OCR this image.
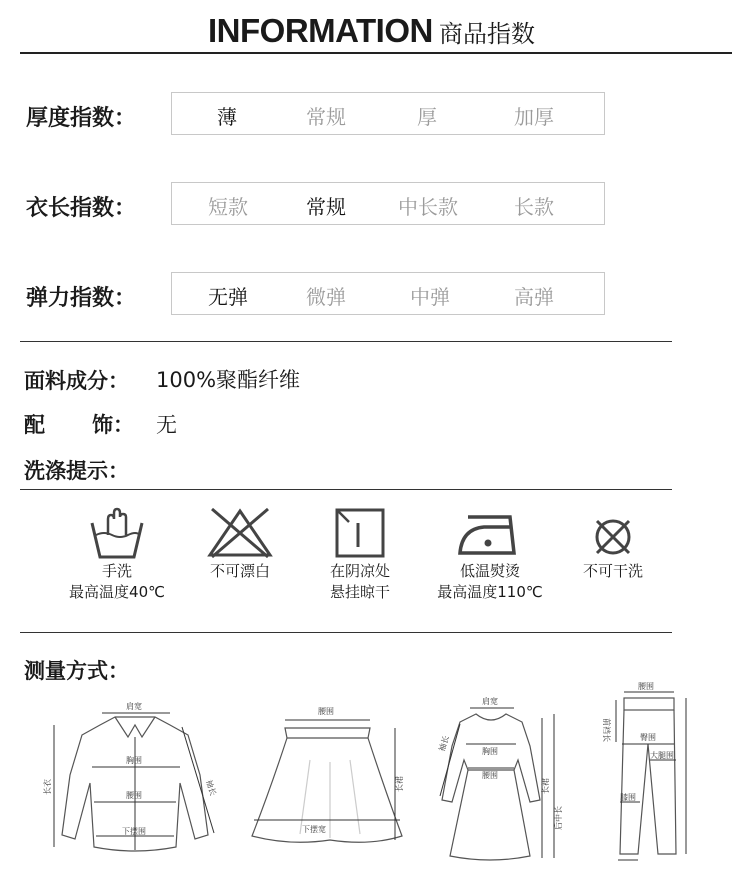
INFORMATION 商品指数
厚度指数：	薄	常规	厚	加厚
衣长指数：	短款	常规	中长款	长款
弹力指数：	无弹	微弹	中弹	高弹
面料成分： 100%聚酯纤维
配 饰： 无
洗涤提示：
手洗
最高温度40℃
不可漂白	在阴凉处
悬挂晾干
低温熨烫
最高温度110℃
不可干洗
测量方式：
肩宽
胸围
腰围
下摆围
长衣	袖长
腰围
下摆宽
长裙
肩宽
袖长	胸围
腰围
长裙
后中长
腰围
前裆长	臀围
大腿围
膝围
